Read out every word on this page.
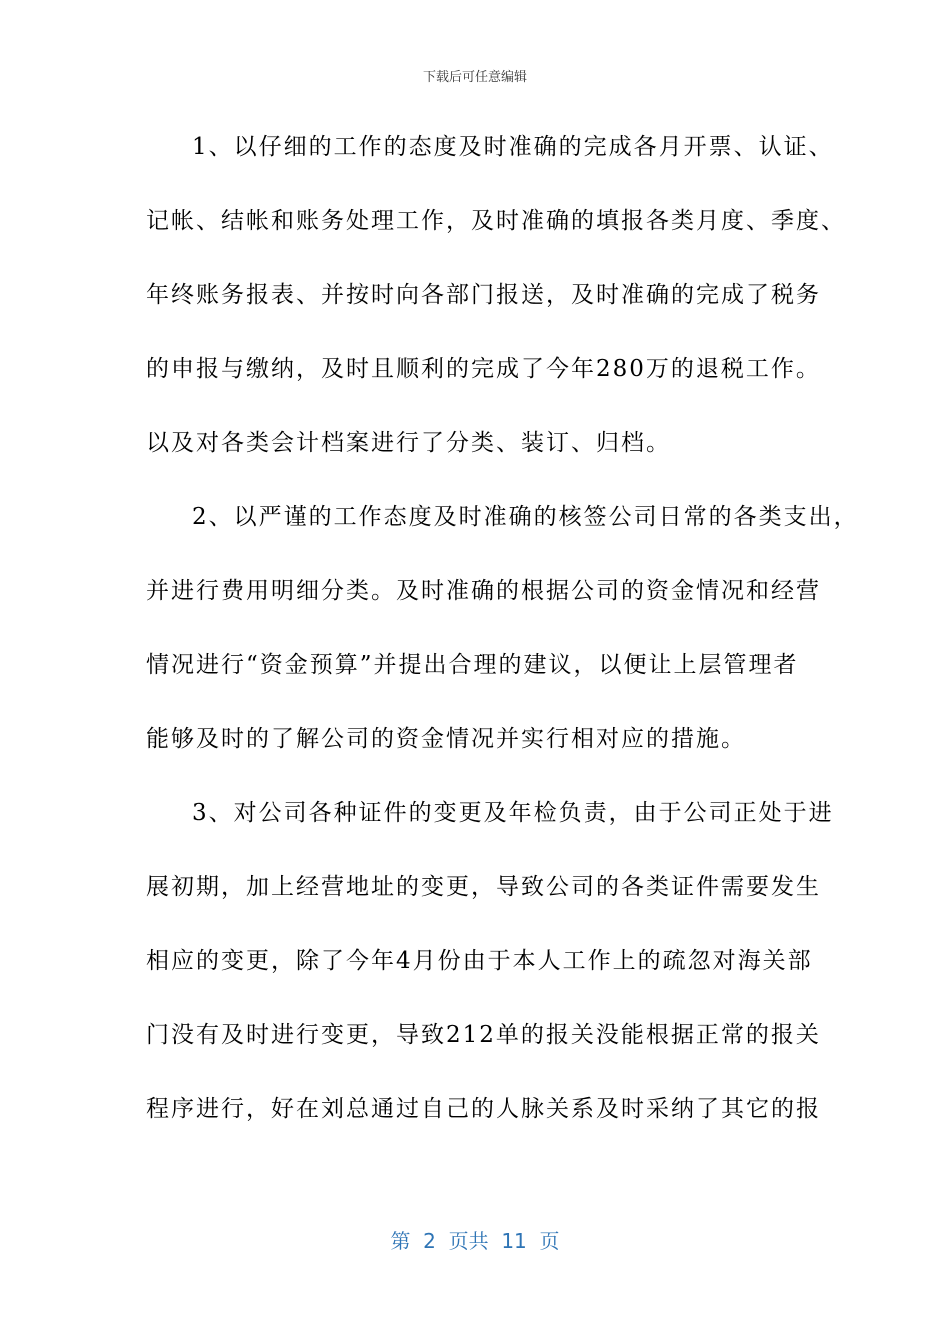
下载后可任意编辑
1、以仔细的工作的态度及时准确的完成各月开票、认证、
记帐、结帐和账务处理工作，及时准确的填报各类月度、季度、
年终账务报表、并按时向各部门报送，及时准确的完成了税务
的申报与缴纳，及时且顺利的完成了今年280万的退税工作。
以及对各类会计档案进行了分类、装订、归档。
2、以严谨的工作态度及时准确的核签公司日常的各类支出，
并进行费用明细分类。及时准确的根据公司的资金情况和经营
情况进行“资金预算”并提出合理的建议，以便让上层管理者
能够及时的了解公司的资金情况并实行相对应的措施。
3、对公司各种证件的变更及年检负责，由于公司正处于进
展初期，加上经营地址的变更，导致公司的各类证件需要发生
相应的变更，除了今年4月份由于本人工作上的疏忽对海关部
门没有及时进行变更，导致212单的报关没能根据正常的报关
程序进行，好在刘总通过自己的人脉关系及时采纳了其它的报
第  2  页共  11  页
